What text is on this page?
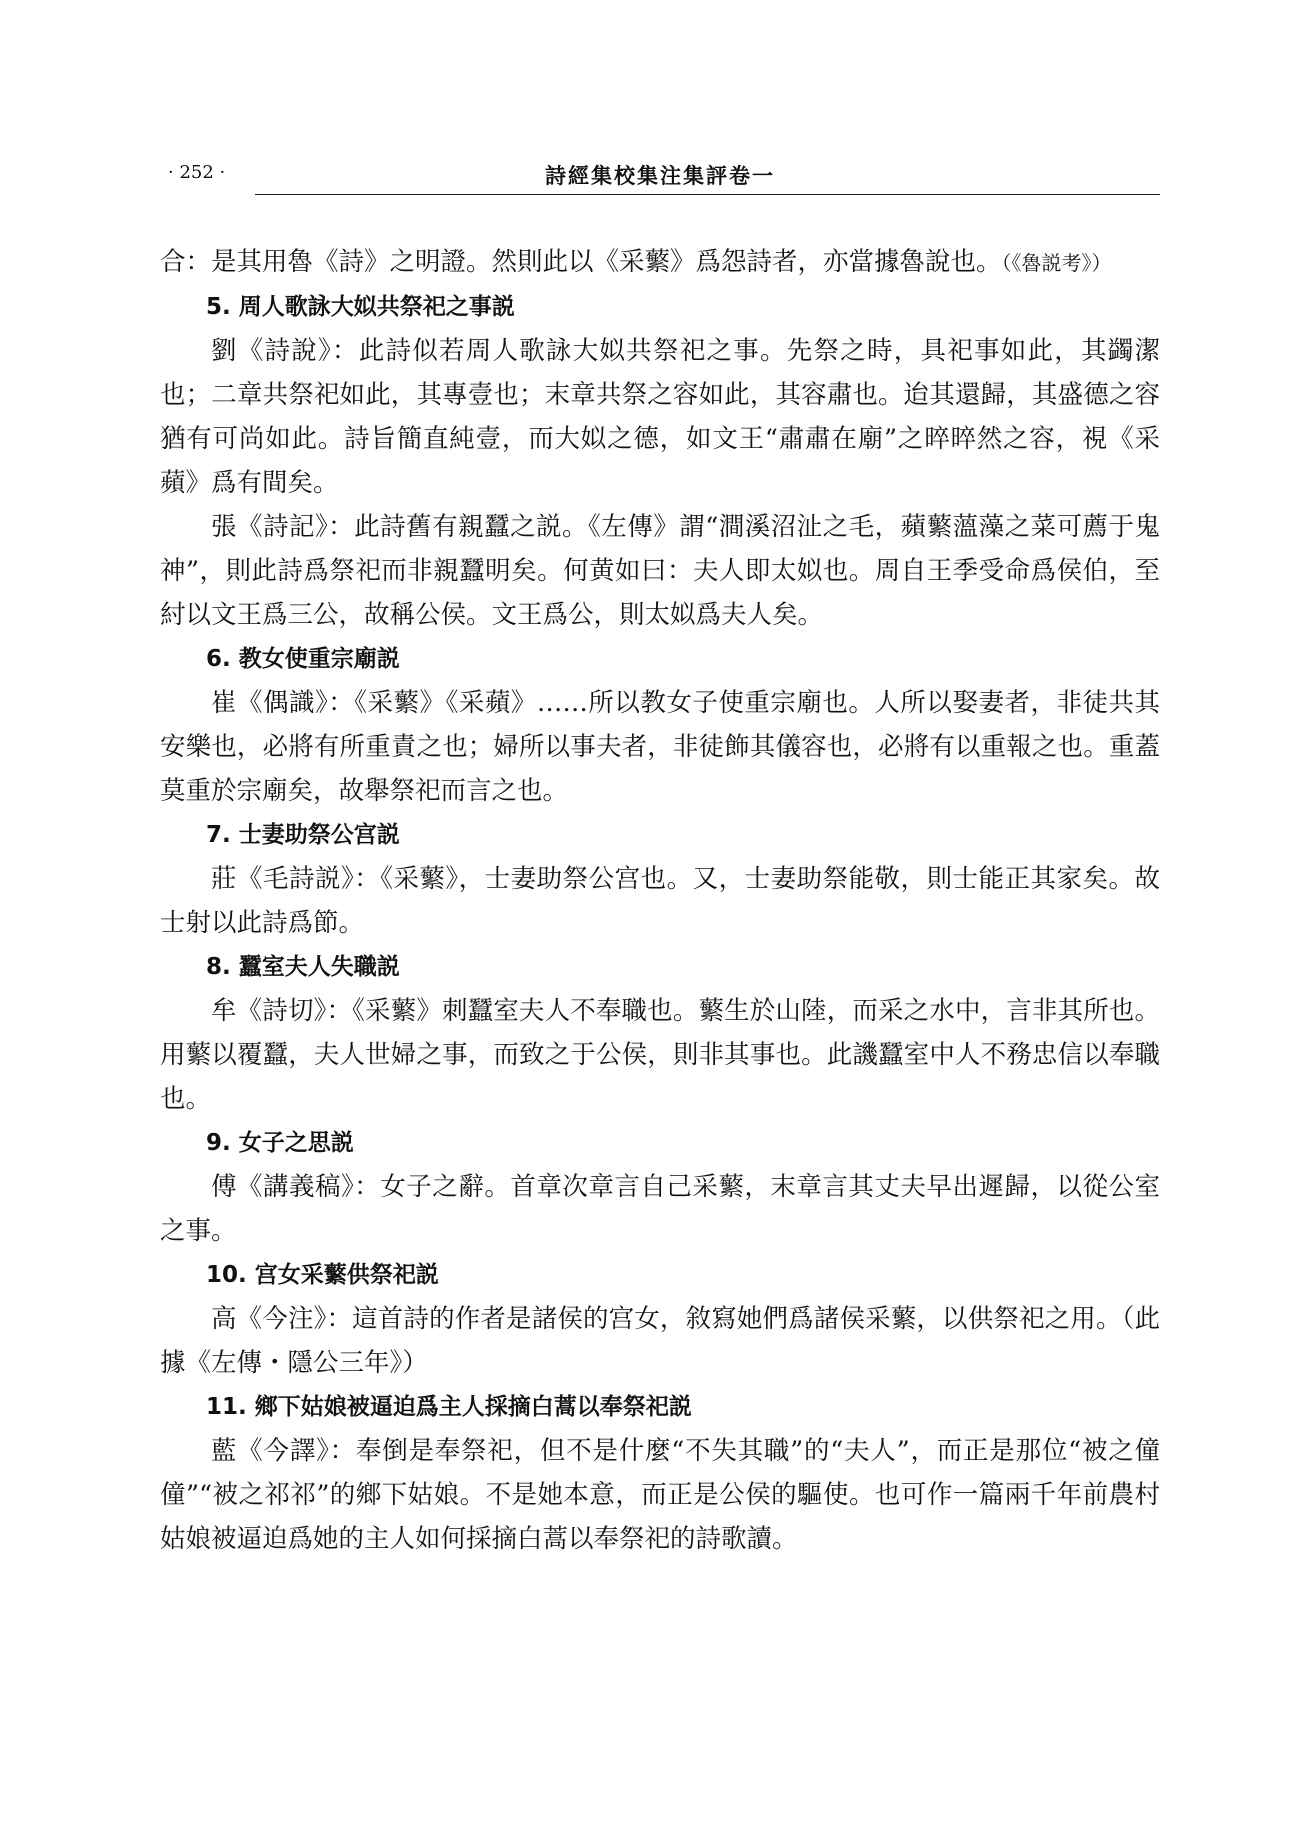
· 252 ·	詩經集校集注集評卷一

合：是其用魯《詩》之明證。然則此以《采蘩》爲怨詩者，亦當據魯說也。（《魯説考》）

5. 周人歌詠大姒共祭祀之事説

劉《詩說》：此詩似若周人歌詠大姒共祭祀之事。先祭之時，具祀事如此，其蠲潔也；二章共祭祀如此，其專壹也；末章共祭之容如此，其容肅也。迨其還歸，其盛德之容猶有可尚如此。詩旨簡直純壹，而大姒之德，如文王“肅肅在廟”之晬晬然之容，視《采蘋》爲有間矣。

張《詩記》：此詩舊有親蠶之説。《左傳》謂“澗溪沼沚之毛，蘋蘩薀藻之菜可薦于鬼神”，則此詩爲祭祀而非親蠶明矣。何黄如曰：夫人即太姒也。周自王季受命爲侯伯，至紂以文王爲三公，故稱公侯。文王爲公，則太姒爲夫人矣。

6. 教女使重宗廟説

崔《偶識》：《采蘩》《采蘋》……所以教女子使重宗廟也。人所以娶妻者，非徒共其安樂也，必將有所重責之也；婦所以事夫者，非徒飾其儀容也，必將有以重報之也。重蓋莫重於宗廟矣，故舉祭祀而言之也。

7. 士妻助祭公宫説

莊《毛詩説》：《采蘩》，士妻助祭公宫也。又，士妻助祭能敬，則士能正其家矣。故士射以此詩爲節。

8. 蠶室夫人失職説

牟《詩切》：《采蘩》刺蠶室夫人不奉職也。蘩生於山陸，而采之水中，言非其所也。用蘩以覆蠶，夫人世婦之事，而致之于公侯，則非其事也。此譏蠶室中人不務忠信以奉職也。

9. 女子之思説

傅《講義稿》：女子之辭。首章次章言自己采蘩，末章言其丈夫早出遲歸，以從公室之事。

10. 宫女采蘩供祭祀説

高《今注》：這首詩的作者是諸侯的宫女，敘寫她們爲諸侯采蘩，以供祭祀之用。（此據《左傳・隱公三年》）

11. 鄉下姑娘被逼迫爲主人採摘白蒿以奉祭祀説

藍《今譯》：奉倒是奉祭祀，但不是什麼“不失其職”的“夫人”，而正是那位“被之僮僮”“被之祁祁”的鄉下姑娘。不是她本意，而正是公侯的驅使。也可作一篇兩千年前農村姑娘被逼迫爲她的主人如何採摘白蒿以奉祭祀的詩歌讀。
